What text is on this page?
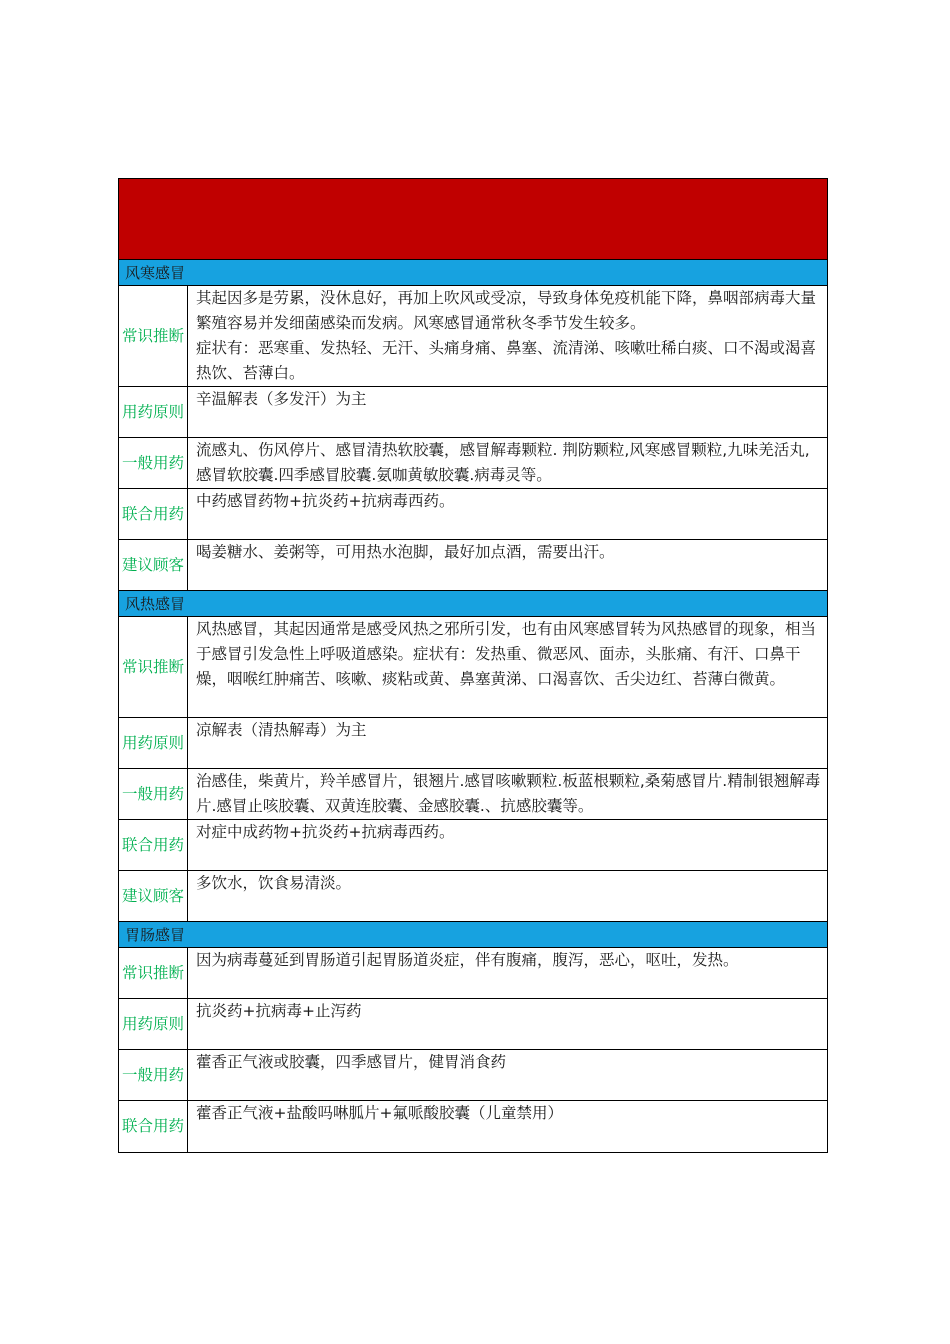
风寒感冒
常识推断

其起因多是劳累，没休息好，再加上吹风或受凉，导致身体免疫机能下降，鼻咽部病毒大量繁殖容易并发细菌感染而发病。风寒感冒通常秋冬季节发生较多。

症状有：恶寒重、发热轻、无汗、头痛身痛、鼻塞、流清涕、咳嗽吐稀白痰、口不渴或渴喜热饮、苔薄白。

用药原则

辛温解表（多发汗）为主

一般用药

流感丸、伤风停片、感冒清热软胶囊，感冒解毒颗粒. 荆防颗粒,风寒感冒颗粒,九味羌活丸,感冒软胶囊.四季感冒胶囊.氨咖黄敏胶囊.病毒灵等。

联合用药

中药感冒药物+抗炎药+抗病毒西药。

建议顾客

喝姜糖水、姜粥等，可用热水泡脚，最好加点酒，需要出汗。

风热感冒
常识推断

风热感冒，其起因通常是感受风热之邪所引发，也有由风寒感冒转为风热感冒的现象，相当于感冒引发急性上呼吸道感染。症状有：发热重、微恶风、面赤，头胀痛、有汗、口鼻干燥，咽喉红肿痛苦、咳嗽、痰粘或黄、鼻塞黄涕、口渴喜饮、舌尖边红、苔薄白微黄。

用药原则

凉解表（清热解毒）为主

一般用药

治感佳，柴黄片，羚羊感冒片，银翘片.感冒咳嗽颗粒.板蓝根颗粒,桑菊感冒片.精制银翘解毒片.感冒止咳胶囊、双黄连胶囊、金感胶囊.、抗感胶囊等。

联合用药

对症中成药物+抗炎药+抗病毒西药。

建议顾客

多饮水，饮食易清淡。

胃肠感冒
常识推断

因为病毒蔓延到胃肠道引起胃肠道炎症，伴有腹痛，腹泻，恶心，呕吐，发热。

用药原则

抗炎药+抗病毒+止泻药

一般用药

藿香正气液或胶囊，四季感冒片，健胃消食药

联合用药

藿香正气液+盐酸吗啉胍片+氟哌酸胶囊（儿童禁用）
